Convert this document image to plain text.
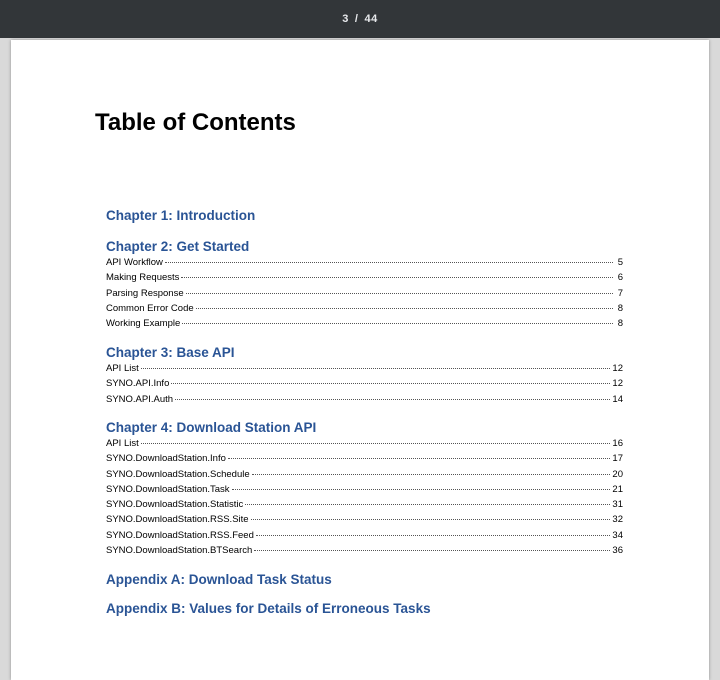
3 / 44
Table of Contents
Chapter 1: Introduction
Chapter 2: Get Started
API Workflow	5
Making Requests	6
Parsing Response	7
Common Error Code	8
Working Example	8
Chapter 3: Base API
API List	12
SYNO.API.Info	12
SYNO.API.Auth	14
Chapter 4: Download Station API
API List	16
SYNO.DownloadStation.Info	17
SYNO.DownloadStation.Schedule	20
SYNO.DownloadStation.Task	21
SYNO.DownloadStation.Statistic	31
SYNO.DownloadStation.RSS.Site	32
SYNO.DownloadStation.RSS.Feed	34
SYNO.DownloadStation.BTSearch	36
Appendix A: Download Task Status
Appendix B: Values for Details of Erroneous Tasks
